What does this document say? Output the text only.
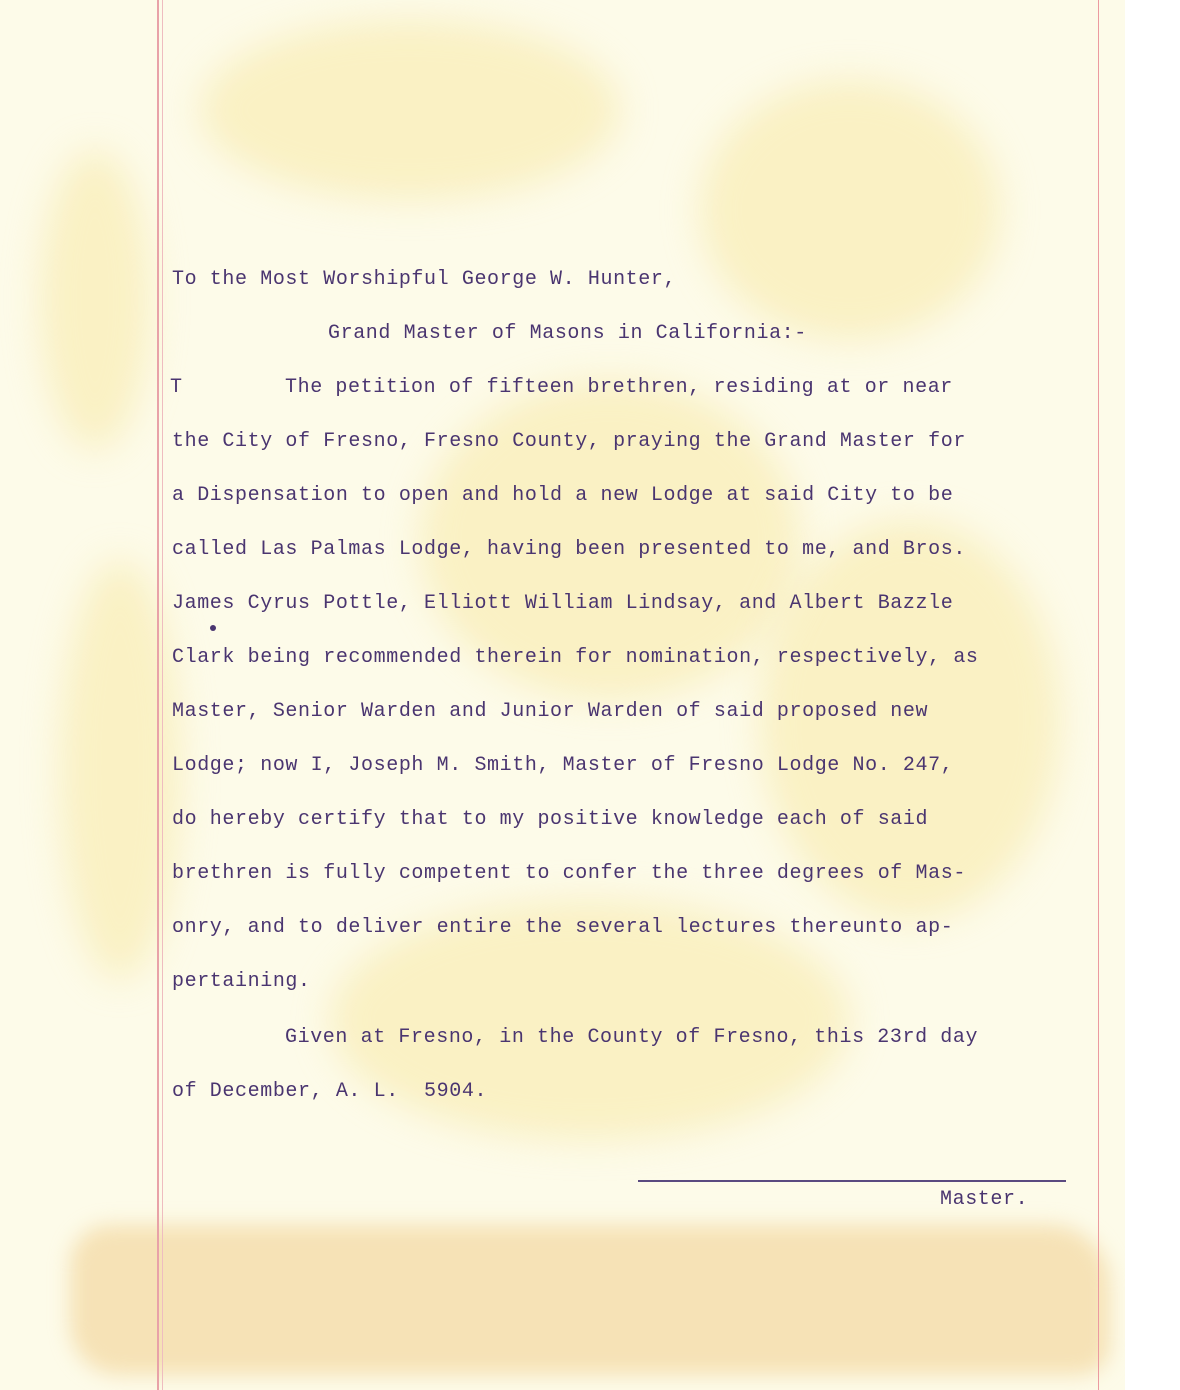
To the Most Worshipful George W. Hunter,
Grand Master of Masons in California:-
T	The petition of fifteen brethren, residing at or near
the City of Fresno, Fresno County, praying the Grand Master for
a Dispensation to open and hold a new Lodge at said City to be
called Las Palmas Lodge, having been presented to me, and Bros.
James Cyrus Pottle, Elliott William Lindsay, and Albert Bazzle
Clark being recommended therein for nomination, respectively, as
Master, Senior Warden and Junior Warden of said proposed new
Lodge; now I, Joseph M. Smith, Master of Fresno Lodge No. 247,
do hereby certify that to my positive knowledge each of said
brethren is fully competent to confer the three degrees of Mas-
onry, and to deliver entire the several lectures thereunto ap-
pertaining.
Given at Fresno, in the County of Fresno, this 23rd day
of December, A. L.  5904.
Master.
